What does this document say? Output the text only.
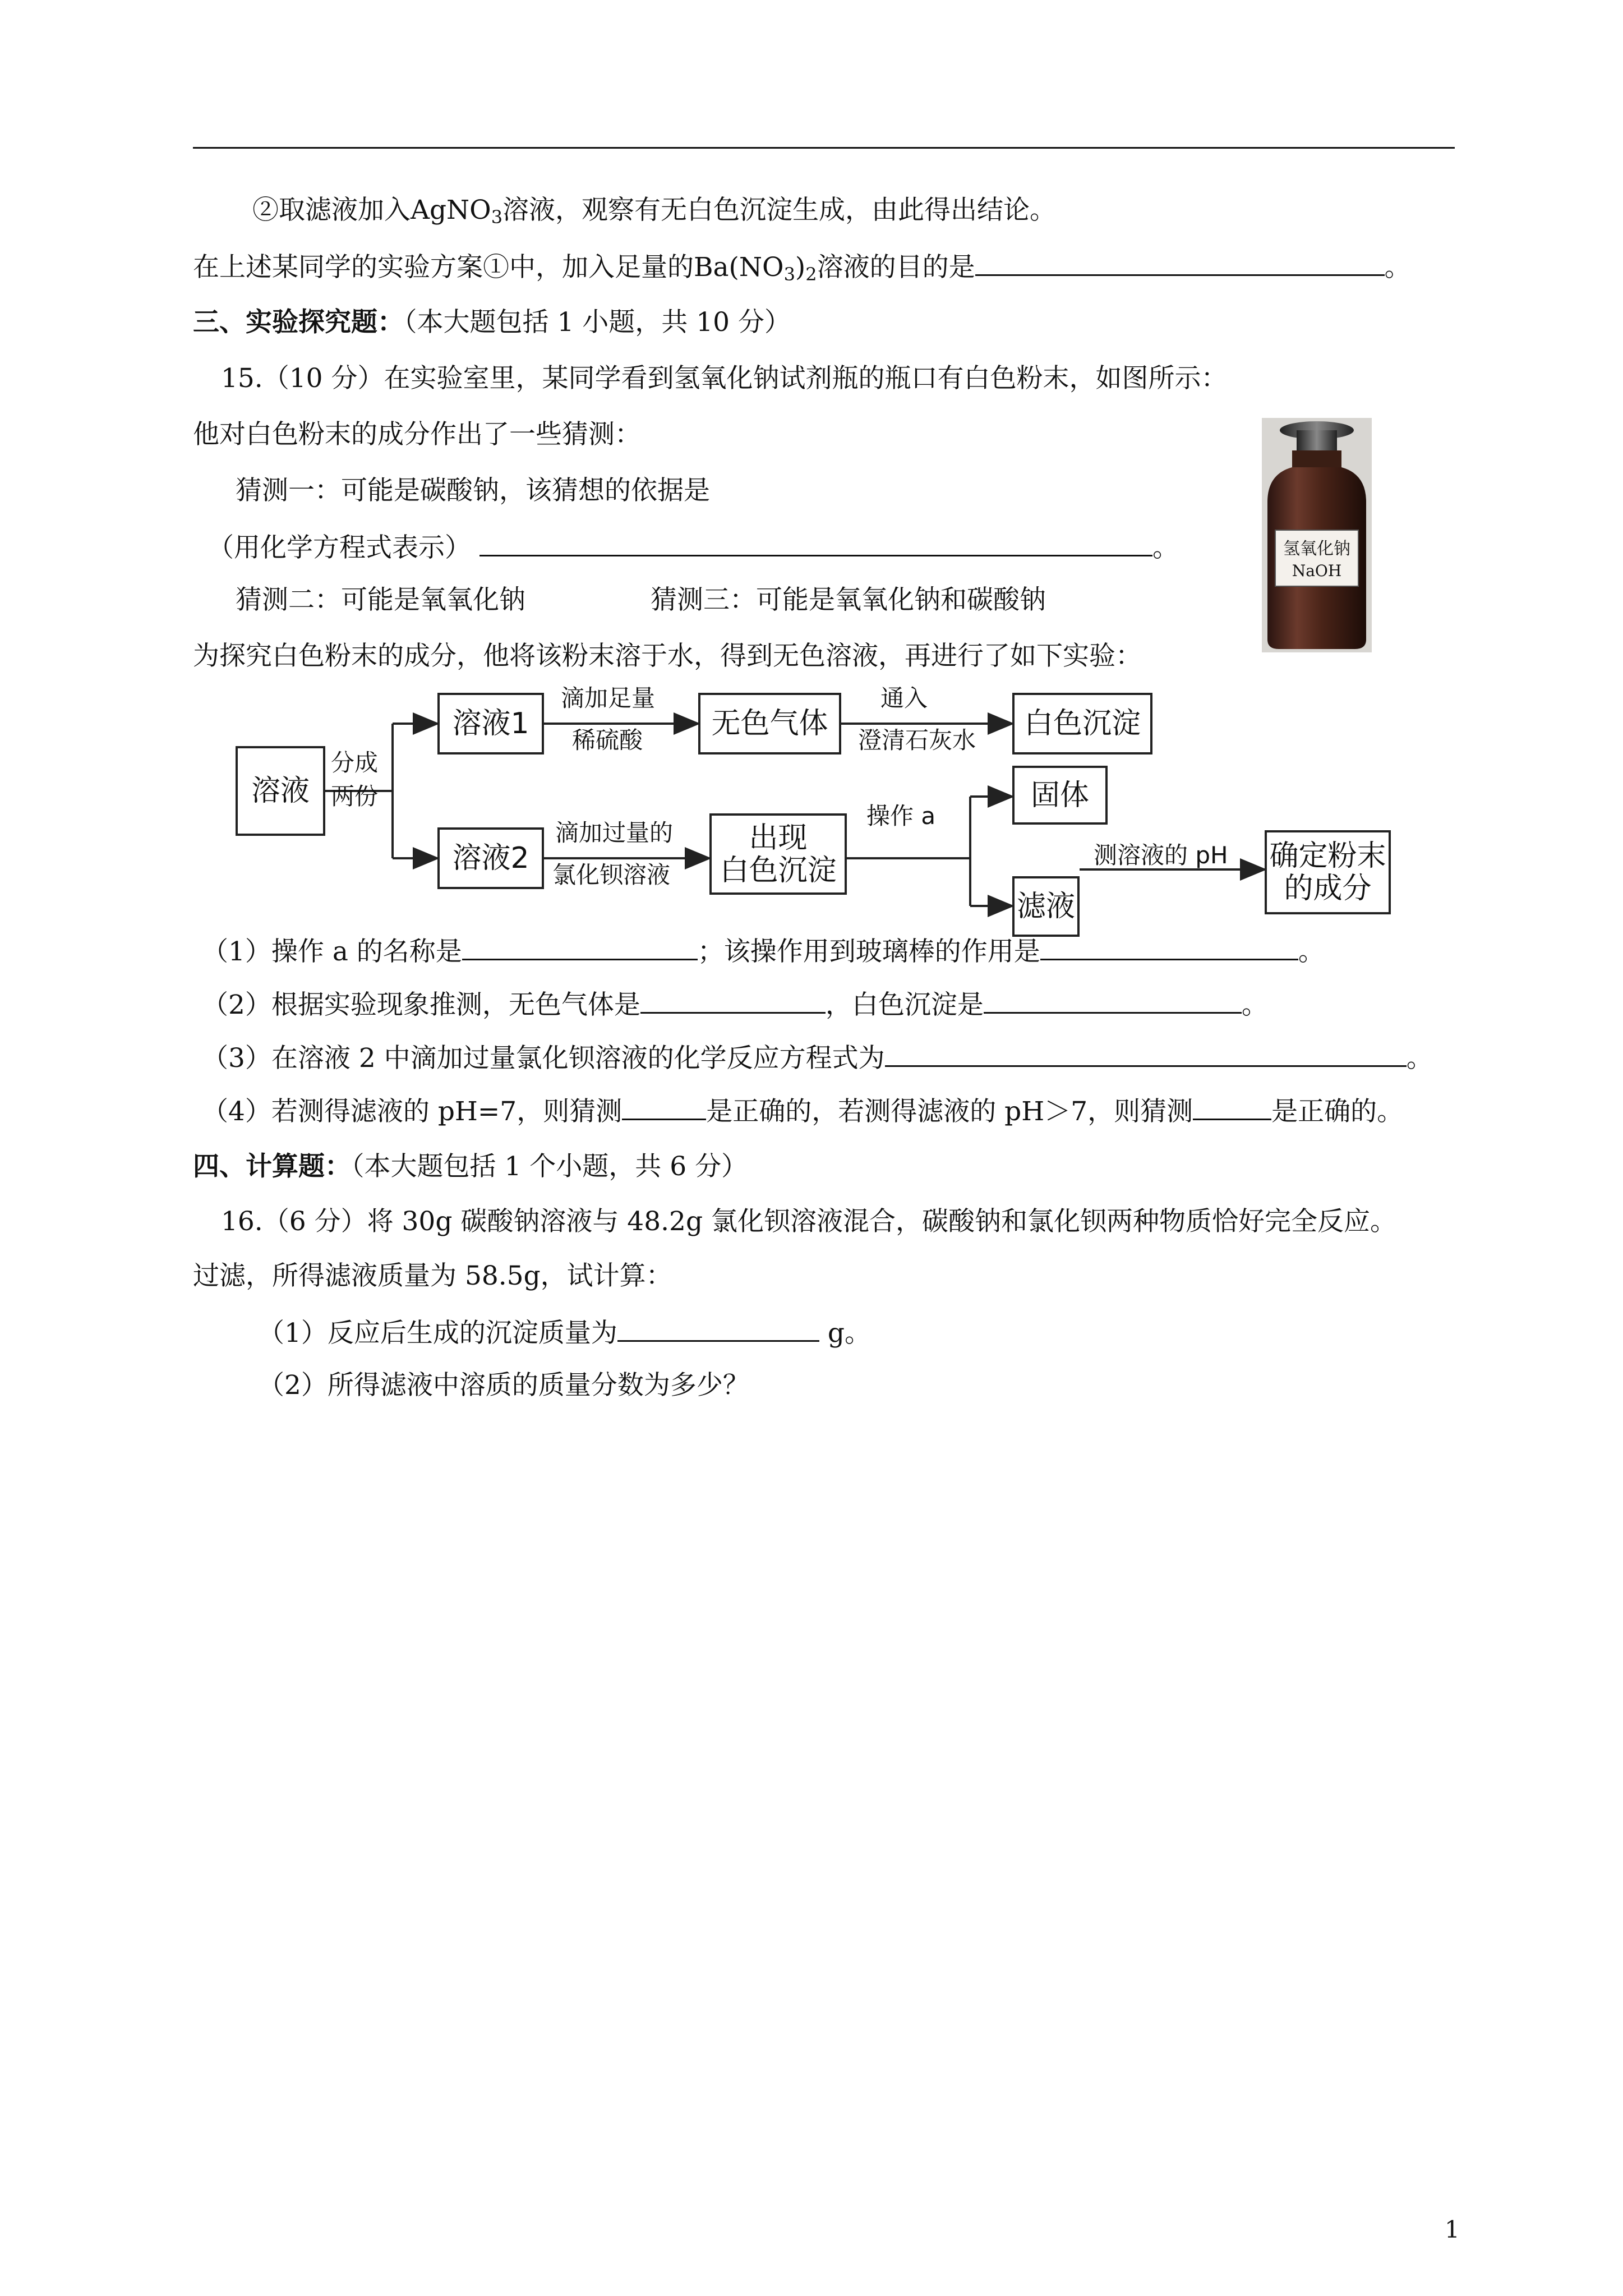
②取滤液加入AgNO$_3$溶液，观察有无白色沉淀生成，由此得出结论。
在上述某同学的实验方案①中，加入足量的$Ba(NO_3)_2$溶液的目的是	。
三、实验探究题：（本大题包括 1 小题，共 10 分）
15.（10 分）在实验室里，某同学看到氢氧化钠试剂瓶的瓶口有白色粉末，如图所示：
他对白色粉末的成分作出了一些猜测：
猜测一：可能是碳酸钠，该猜想的依据是
（用化学方程式表示）	。
猜测二：可能是氧氧化钠	猜测三：可能是氧氧化钠和碳酸钠
为探究白色粉末的成分，他将该粉末溶于水，得到无色溶液，再进行了如下实验：
氢氧化钠
NaOH
溶液
分成
两份
溶液1
滴加足量
稀硫酸 无色气体
通入
澄清石灰水 白色沉淀
溶液2
滴加过量的
氯化钡溶液
出现
白色沉淀
操作 a
固体
滤液
测溶液的 pH 确定粉末
的成分
（1）操作 a 的名称是	；该操作用到玻璃棒的作用是	。
（2）根据实验现象推测，无色气体是	，白色沉淀是	。
（3）在溶液 2 中滴加过量氯化钡溶液的化学反应方程式为	。
（4）若测得滤液的 pH=7，则猜测	是正确的，若测得滤液的 pH＞7，则猜测	是正确的。
四、计算题：（本大题包括 1 个小题，共 6 分）
16.（6 分）将 30g 碳酸钠溶液与 48.2g 氯化钡溶液混合，碳酸钠和氯化钡两种物质恰好完全反应。
过滤，所得滤液质量为 58.5g，试计算：
（1）反应后生成的沉淀质量为	g。
（2）所得滤液中溶质的质量分数为多少？
1
